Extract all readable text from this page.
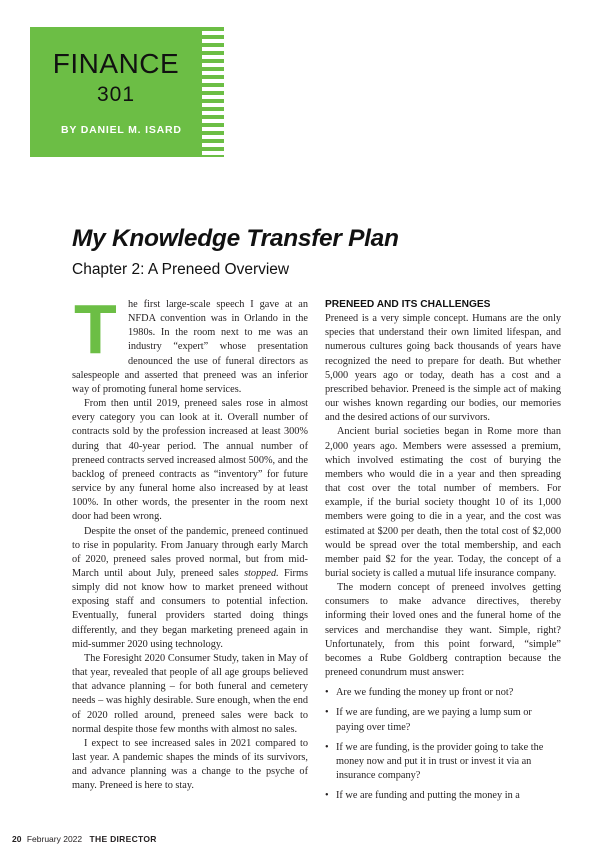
FINANCE
301
BY DANIEL M. ISARD
My Knowledge Transfer Plan
Chapter 2: A Preneed Overview

T	he first large-scale speech I gave at an NFDA convention was in Orlando in the 1980s. In the room next to me was an industry “expert” whose presentation denounced the use of funeral directors as salespeople and asserted that preneed was an inferior way of promoting funeral home services.

From then until 2019, preneed sales rose in almost every category you can look at it. Overall number of contracts sold by the profession increased at least 300% during that 40-year period. The annual number of preneed contracts served increased almost 500%, and the backlog of preneed contracts as “inventory” for future service by any funeral home also increased by at least 100%. In other words, the presenter in the room next door had been wrong.

Despite the onset of the pandemic, preneed continued to rise in popularity. From January through early March of 2020, preneed sales proved normal, but from mid-March until about July, preneed sales stopped. Firms simply did not know how to market preneed without exposing staff and consumers to potential infection. Eventually, funeral providers started doing things differently, and they began marketing preneed again in mid-summer 2020 using technology.

The Foresight 2020 Consumer Study, taken in May of that year, revealed that people of all age groups believed that advance planning – for both funeral and cemetery needs – was highly desirable. Sure enough, when the end of 2020 rolled around, preneed sales were back to normal despite those few months with almost no sales.

I expect to see increased sales in 2021 compared to last year. A pandemic shapes the minds of its survivors, and advance planning was a change to the psyche of many. Preneed is here to stay.

PRENEED AND ITS CHALLENGES

Preneed is a very simple concept. Humans are the only species that understand their own limited lifespan, and numerous cultures going back thousands of years have recognized the need to prepare for death. But whether 5,000 years ago or today, death has a cost and a prescribed behavior. Preneed is the simple act of making our wishes known regarding our bodies, our memories and the desired actions of our survivors.

Ancient burial societies began in Rome more than 2,000 years ago. Members were assessed a premium, which involved estimating the cost of burying the members who would die in a year and then spreading that cost over the total number of members. For example, if the burial society thought 10 of its 1,000 members were going to die in a year, and the cost was estimated at $200 per death, then the total cost of $2,000 would be spread over the total membership, and each member paid $2 for the year. Today, the concept of a burial society is called a mutual life insurance company.

The modern concept of preneed involves getting consumers to make advance directives, thereby informing their loved ones and the funeral home of the services and merchandise they want. Simple, right? Unfortunately, from this point forward, “simple” becomes a Rube Goldberg contraption because the preneed conundrum must answer:

• Are we funding the money up front or not?
• If we are funding, are we paying a lump sum or paying over time?
• If we are funding, is the provider going to take the money now and put it in trust or invest it via an insurance company?
• If we are funding and putting the money in a
20 February 2022 THE DIRECTOR
